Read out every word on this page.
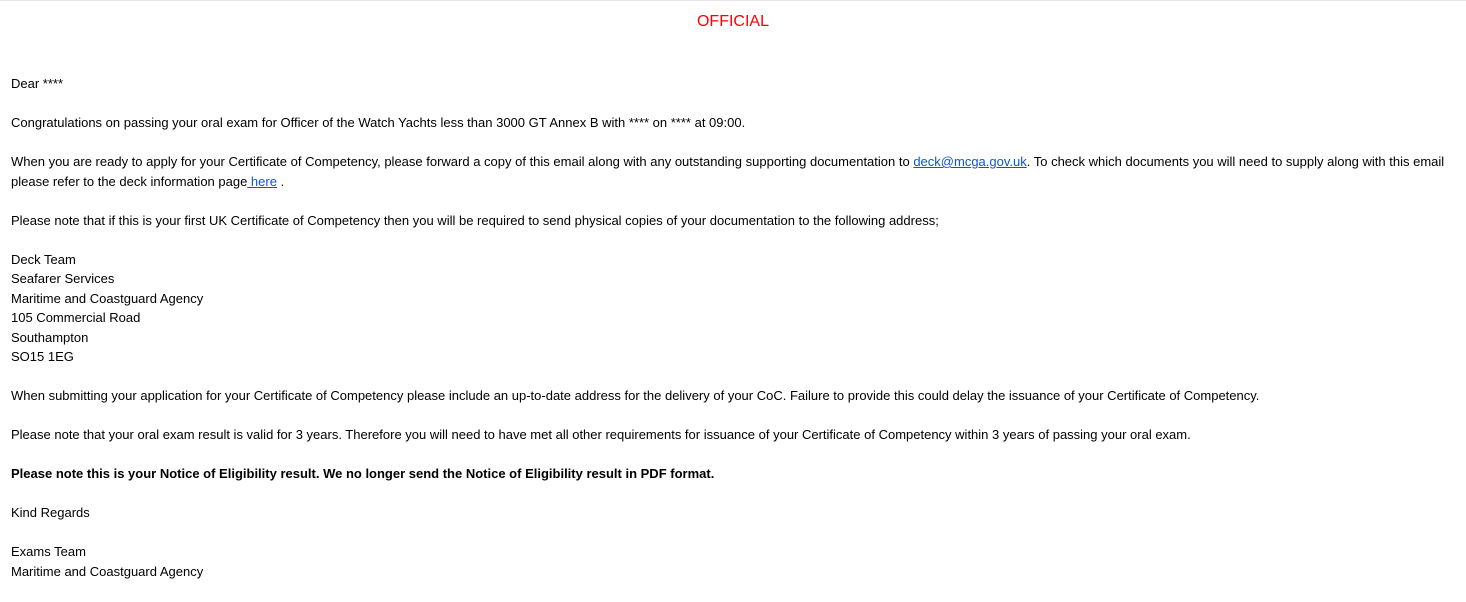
OFFICIAL

Dear ****

Congratulations on passing your oral exam for Officer of the Watch Yachts less than 3000 GT Annex B with **** on **** at 09:00.

When you are ready to apply for your Certificate of Competency, please forward a copy of this email along with any outstanding supporting documentation to deck@mcga.gov.uk. To check which documents you will need to supply along with this email please refer to the deck information page here .

Please note that if this is your first UK Certificate of Competency then you will be required to send physical copies of your documentation to the following address;

Deck Team

Seafarer Services

Maritime and Coastguard Agency

105 Commercial Road

Southampton

SO15 1EG

When submitting your application for your Certificate of Competency please include an up-to-date address for the delivery of your CoC. Failure to provide this could delay the issuance of your Certificate of Competency.

Please note that your oral exam result is valid for 3 years. Therefore you will need to have met all other requirements for issuance of your Certificate of Competency within 3 years of passing your oral exam.

Please note this is your Notice of Eligibility result. We no longer send the Notice of Eligibility result in PDF format.

Kind Regards

Exams Team

Maritime and Coastguard Agency
